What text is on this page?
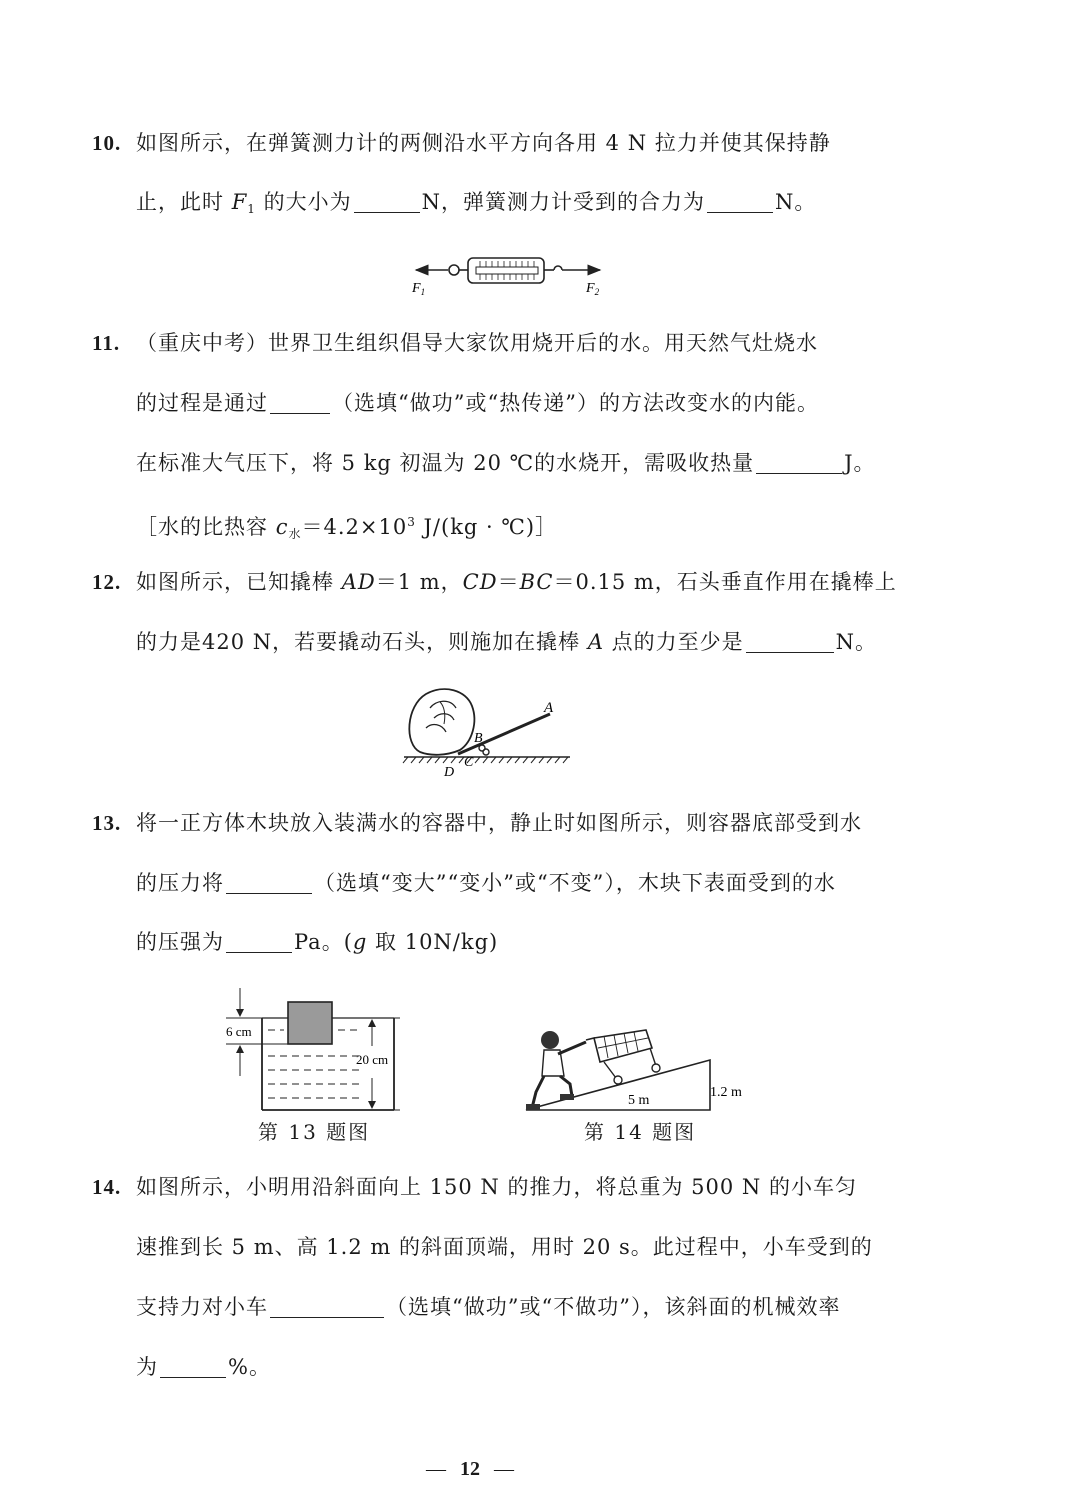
10. 如图所示，在弹簧测力计的两侧沿水平方向各用 4 N 拉力并使其保持静
止，此时 $F_1$ 的大小为	N，弹簧测力计受到的合力为	N。
$F_1$	$F_2$
11. （重庆中考）世界卫生组织倡导大家饮用烧开后的水。用天然气灶烧水
的过程是通过	（选填“做功”或“热传递”）的方法改变水的内能。
在标准大气压下，将 5 kg 初温为 20 ℃的水烧开，需吸收热量	J。
［水的比热容 $c_水=4.2\times 10^3$ J/(kg · ℃)］
12. 如图所示，已知撬棒 AD＝1 m，CD＝BC＝0.15 m，石头垂直作用在撬棒上
的力是420 N，若要撬动石头，则施加在撬棒 A 点的力至少是	N。
A
B
C
D
13. 将一正方体木块放入装满水的容器中，静止时如图所示，则容器底部受到水
的压力将	（选填“变大”“变小”或“不变”），木块下表面受到的水
的压强为	Pa。(g 取 10N/kg)
6 cm
20 cm
第 13 题图
5 m
1.2 m
第 14 题图
14. 如图所示，小明用沿斜面向上 150 N 的推力，将总重为 500 N 的小车匀
速推到长 5 m、高 1.2 m 的斜面顶端，用时 20 s。此过程中，小车受到的
支持力对小车	（选填“做功”或“不做功”），该斜面的机械效率
为	%。
— 12 —
